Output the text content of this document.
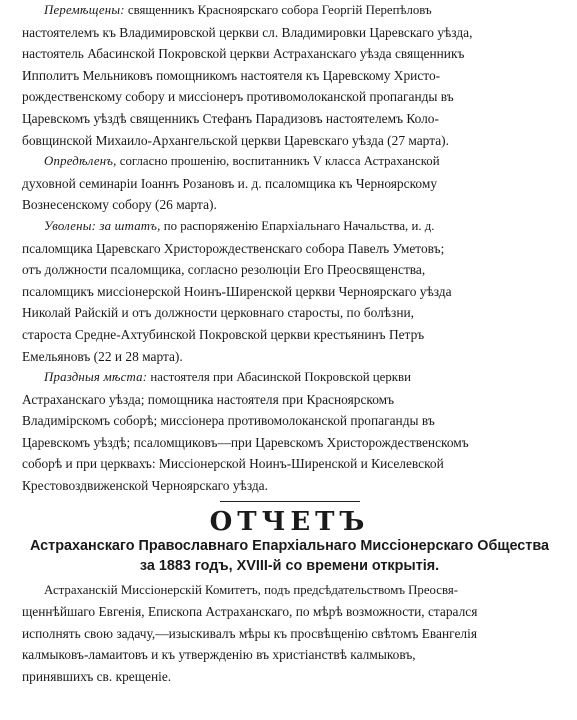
Перемѣщены: священникъ Красноярскаго собора Георгій Перепѣловъ
настоятелемъ къ Владимировской церкви сл. Владимировки Царевскаго уѣзда,
настоятель Абасинской Покровской церкви Астраханскаго уѣзда священникъ
Ипполитъ Мельниковъ помощникомъ настоятеля къ Царевскому Христо-
рождественскому собору и миссіонеръ противомолоканской пропаганды въ
Царевскомъ уѣздѣ священникъ Стефанъ Парадизовъ настоятелемъ Коло-
бовщинской Михаило-Архангельской церкви Царевскаго уѣзда (27 марта).

Опредѣленъ, согласно прошенію, воспитанникъ V класса Астраханской
духовной семинаріи Іоаннъ Розановъ и. д. псаломщика къ Черноярскому
Вознесенскому собору (26 марта).

Уволены: за штатъ, по распоряженію Епархіальнаго Начальства, и. д.
псаломщика Царевскаго Христорождественскаго собора Павелъ Уметовъ;
отъ должности псаломщика, согласно резолюціи Его Преосвященства,
псаломщикъ миссіонерской Ноинъ-Ширенской церкви Черноярскаго уѣзда
Николай Райскій и отъ должности церковнаго старосты, по болѣзни,
староста Средне-Ахтубинской Покровской церкви крестьянинъ Петръ
Емельяновъ (22 и 28 марта).

Праздныя мѣста: настоятеля при Абасинской Покровской церкви
Астраханскаго уѣзда; помощника настоятеля при Красноярскомъ
Владимірскомъ соборѣ; миссіонера противомолоканской пропаганды въ
Царевскомъ уѣздѣ; псаломщиковъ—при Царевскомъ Христорождественскомъ
соборѣ и при церквахъ: Миссіонерской Ноинъ-Ширенской и Киселевской
Крестовоздвиженской Черноярскаго уѣзда.

ОТЧЕТЪ

Астраханскаго Православнаго Епархіальнаго Миссіонерскаго Общества

за 1883 годъ, XVIII-й со времени открытія.

Астраханскій Миссіонерскій Комитетъ, подъ предсѣдательствомъ Преосвя-
щеннѣйшаго Евгенія, Епископа Астраханскаго, по мѣрѣ возможности, старался
исполнять свою задачу,—изыскивалъ мѣры къ просвѣщенію свѣтомъ Евангелія
калмыковъ-ламаитовъ и къ утвержденію въ христіанствѣ калмыковъ,
принявшихъ св. крещеніе.
